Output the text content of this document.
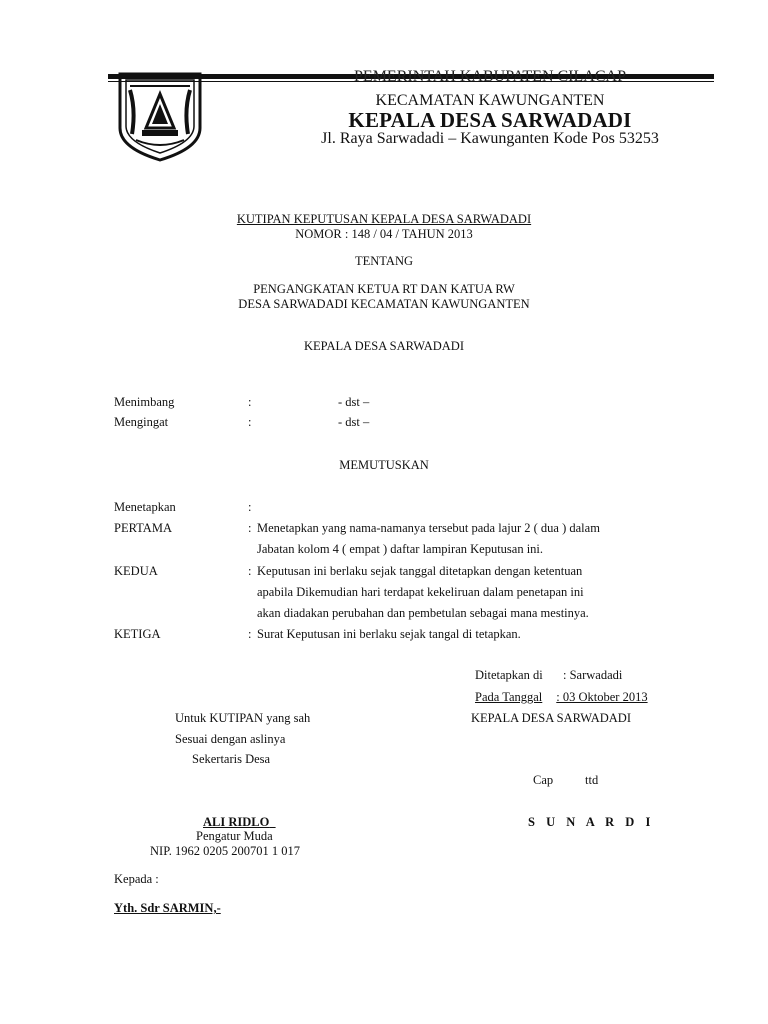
PEMERINTAH KABUPATEN CILACAP
KECAMATAN KAWUNGANTEN
KEPALA DESA SARWADADI
Jl. Raya Sarwadadi – Kawunganten Kode Pos 53253
KUTIPAN KEPUTUSAN KEPALA DESA SARWADADI
NOMOR : 148 / 04 / TAHUN 2013
TENTANG
PENGANGKATAN KETUA RT DAN KATUA RW
DESA SARWADADI KECAMATAN KAWUNGANTEN
KEPALA DESA SARWADADI
Menimbang	:	- dst –
Mengingat	:	- dst –
MEMUTUSKAN
Menetapkan	:
PERTAMA	: Menetapkan yang nama-namanya tersebut pada lajur 2 ( dua ) dalam
Jabatan kolom 4 ( empat ) daftar lampiran Keputusan ini.
KEDUA	: Keputusan ini berlaku sejak tanggal ditetapkan dengan ketentuan
apabila Dikemudian hari terdapat kekeliruan dalam penetapan ini
akan diadakan perubahan dan pembetulan sebagai mana mestinya.
KETIGA	: Surat Keputusan ini berlaku sejak tangal di tetapkan.
Ditetapkan di : Sarwadadi
Pada Tanggal : 03 Oktober 2013
Untuk KUTIPAN yang sah	KEPALA DESA SARWADADI
Sesuai dengan aslinya
Sekertaris Desa
Cap	ttd
ALI RIDLO	S U N A R D I
Pengatur Muda
NIP. 1962 0205 200701 1 017
Kepada :
Yth. Sdr SARMIN,-
